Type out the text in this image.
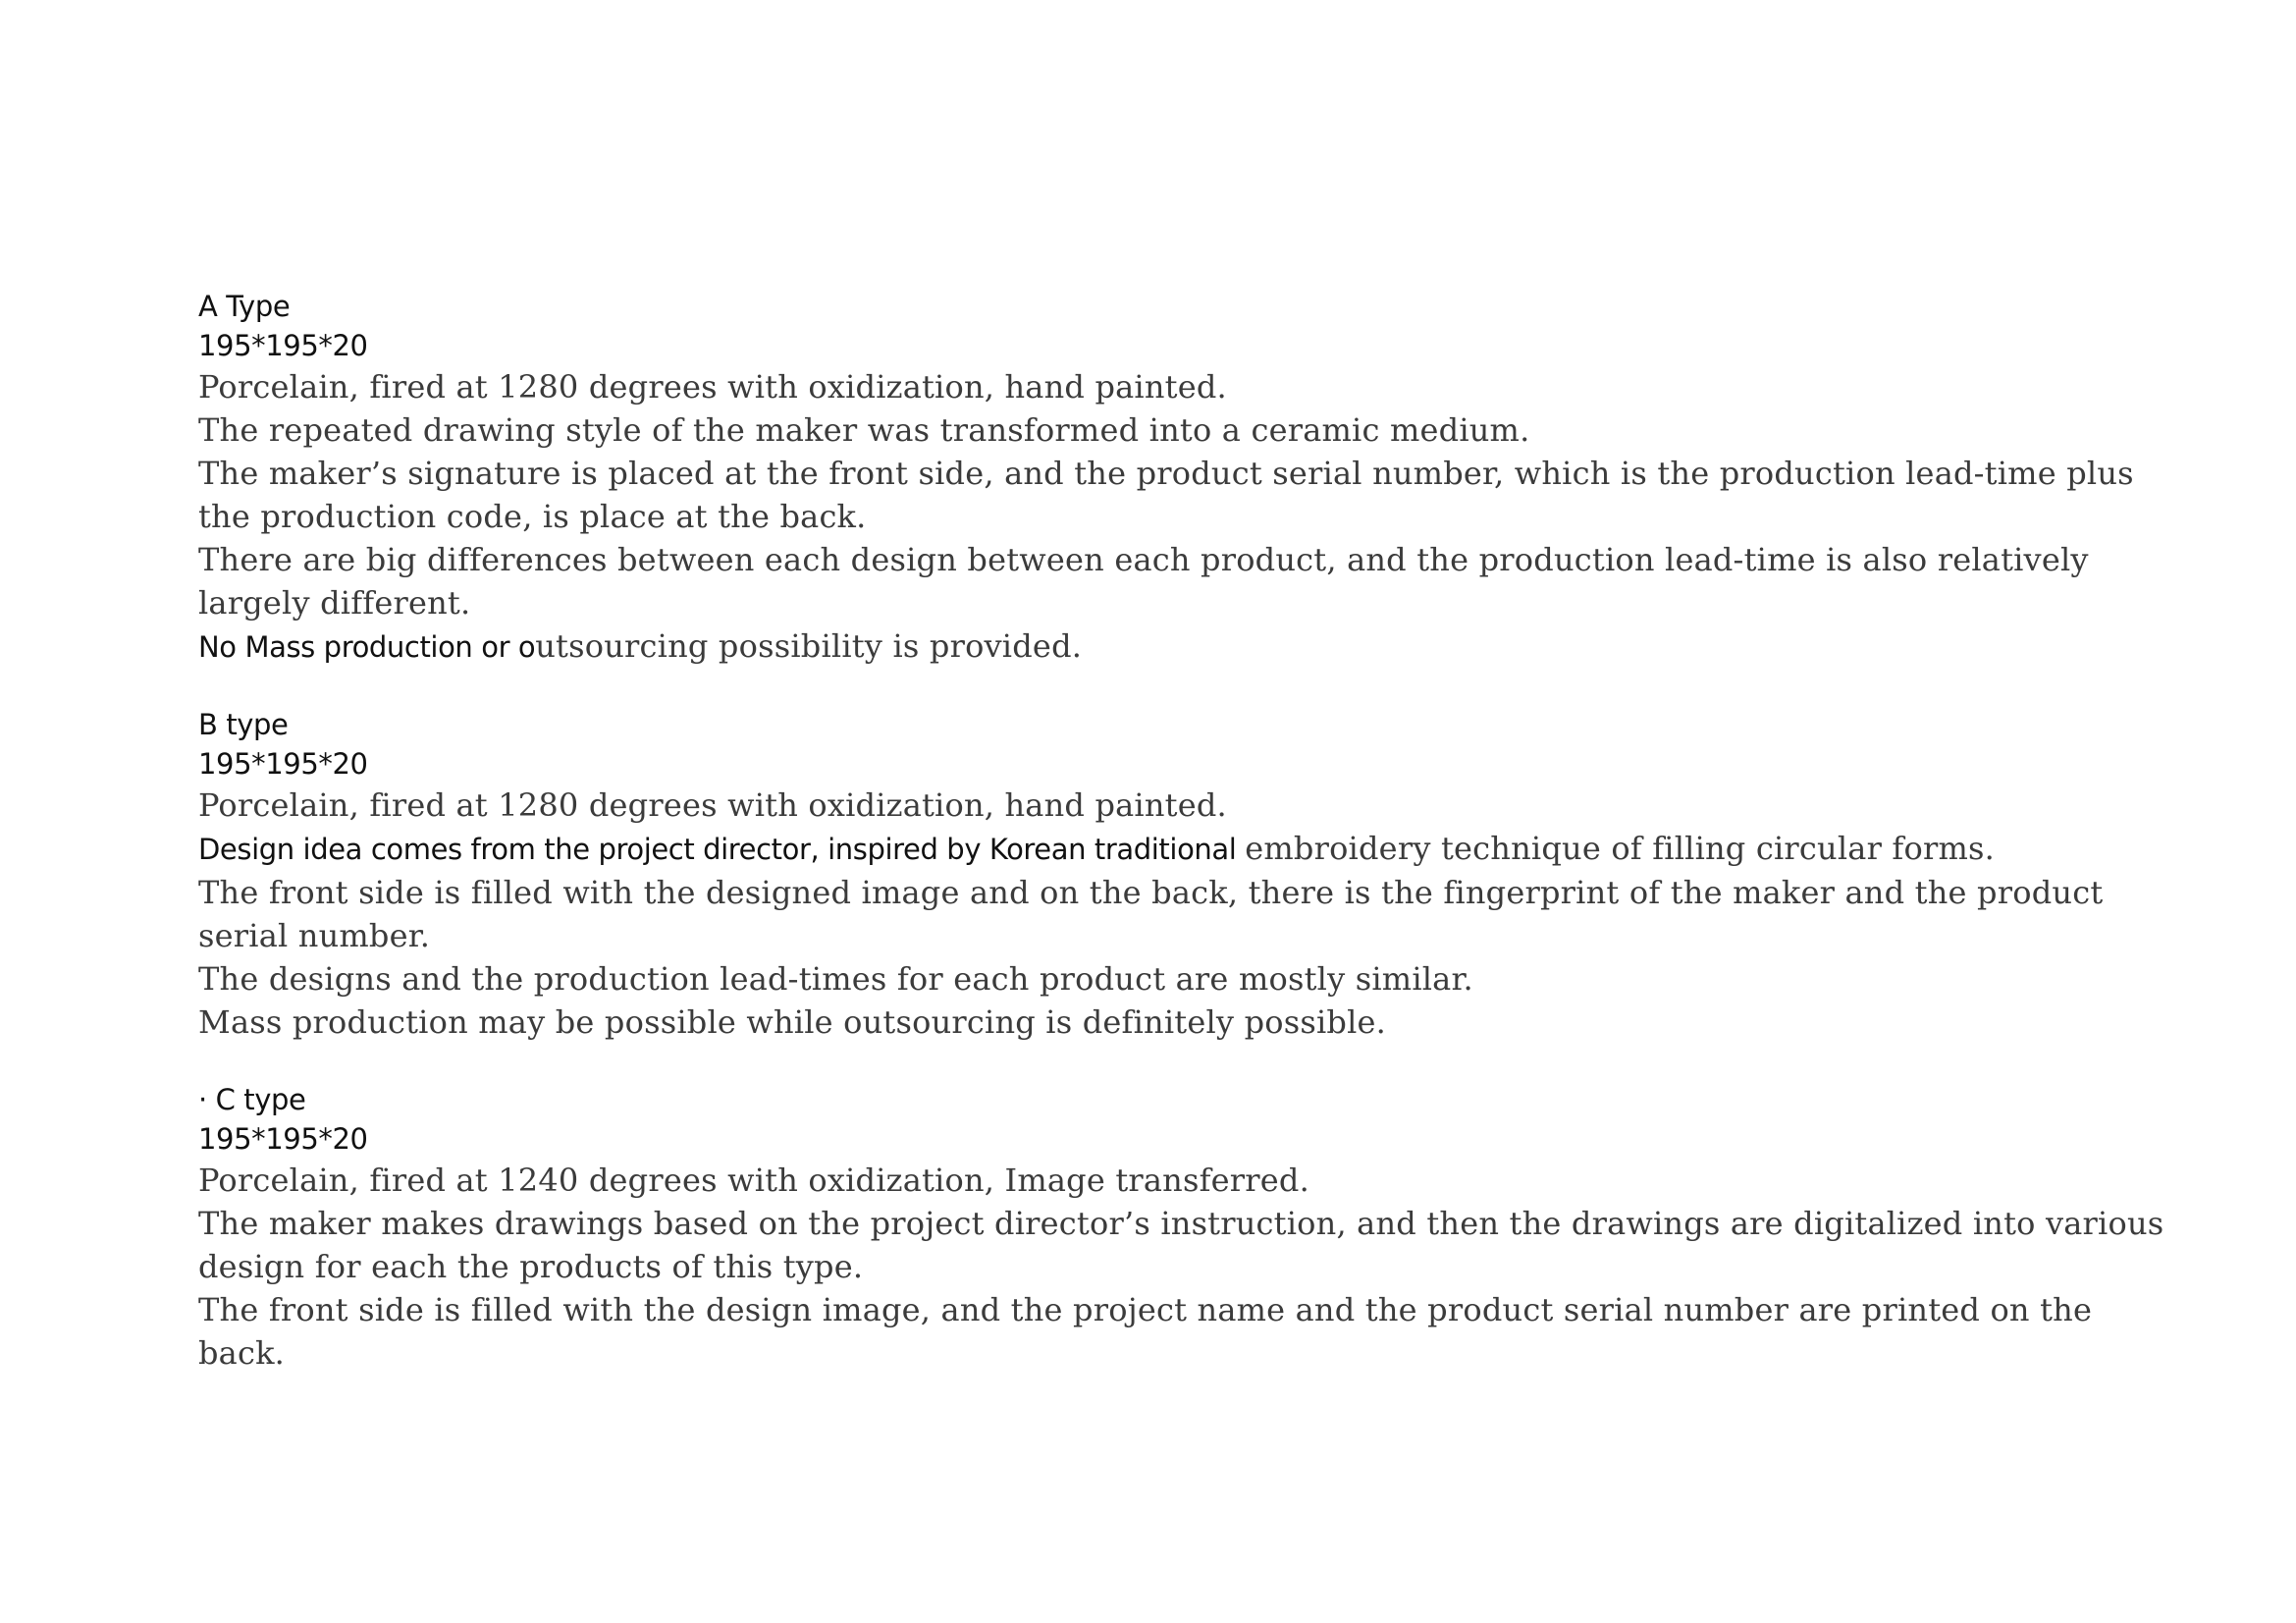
A Type
195*195*20
Porcelain, fired at 1280 degrees with oxidization, hand painted.
The repeated drawing style of the maker was transformed into a ceramic medium.
The maker’s signature is placed at the front side, and the product serial number, which is the production lead-time plus
the production code, is place at the back.
There are big differences between each design between each product, and the production lead-time is also relatively
largely different.
No Mass production or outsourcing possibility is provided.
B type
195*195*20
Porcelain, fired at 1280 degrees with oxidization, hand painted.
Design idea comes from the project director, inspired by Korean traditional embroidery technique of filling circular forms.
The front side is filled with the designed image and on the back, there is the fingerprint of the maker and the product
serial number.
The designs and the production lead-times for each product are mostly similar.
Mass production may be possible while outsourcing is definitely possible.
· C type
195*195*20
Porcelain, fired at 1240 degrees with oxidization, Image transferred.
The maker makes drawings based on the project director’s instruction, and then the drawings are digitalized into various
design for each the products of this type.
The front side is filled with the design image, and the project name and the product serial number are printed on the
back.
